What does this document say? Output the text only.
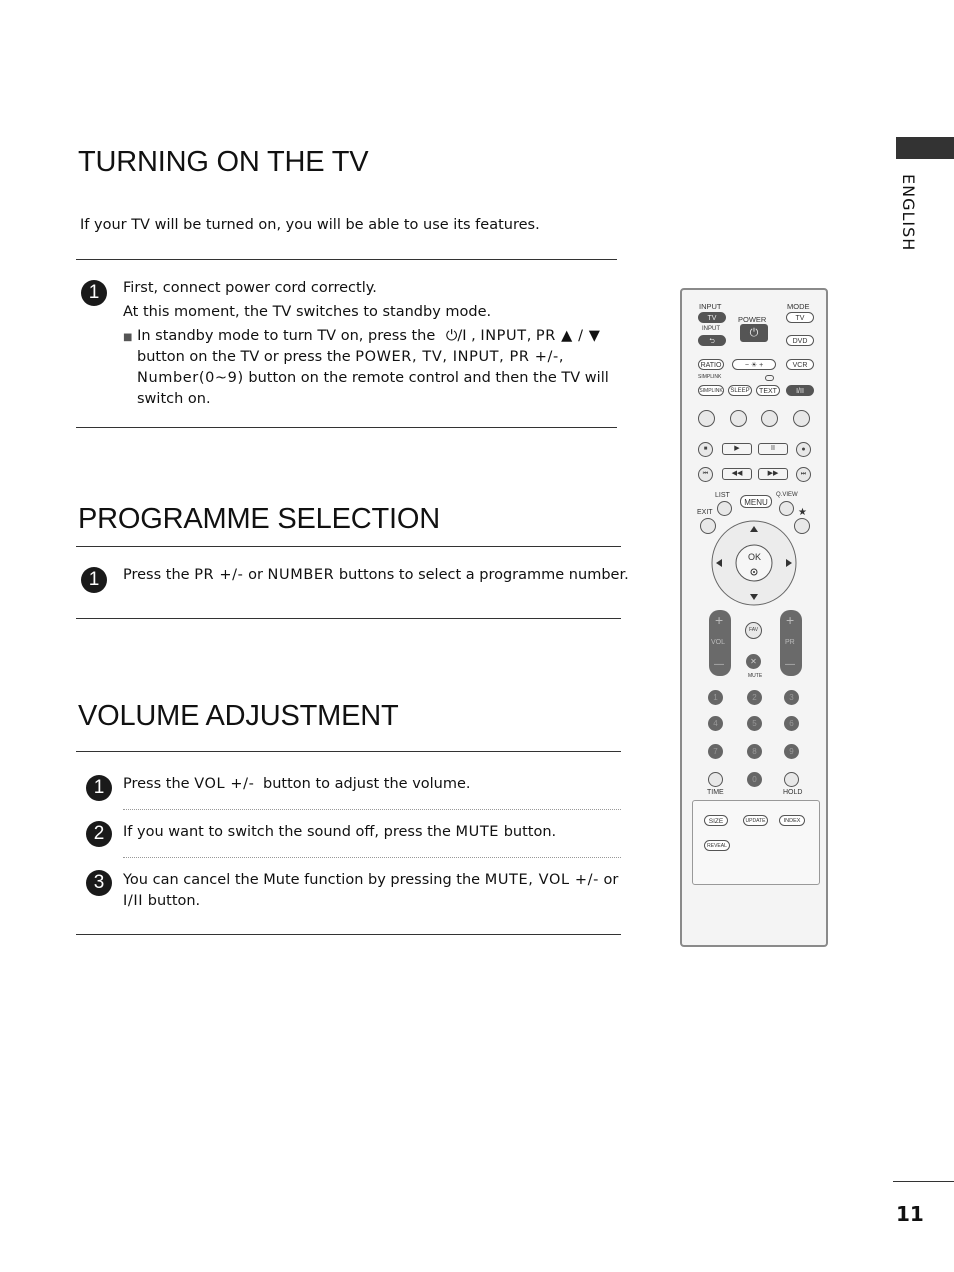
ENGLISH
TURNING ON THE TV
If your TV will be turned on, you will be able to use its features.
1	First, connect power cord correctly.
At this moment, the TV switches to standby mode.
■ In standby mode to turn TV on, press the ⏻/I , INPUT, PR ▲ / ▼
button on the TV or press the POWER, TV, INPUT, PR +/-,
Number(0~9) button on the remote control and then the TV will
switch on.
PROGRAMME SELECTION
1	Press the PR +/- or NUMBER buttons to select a programme number.
VOLUME ADJUSTMENT
1	Press the VOL +/- button to adjust the volume.
2	If you want to switch the sound off, press the MUTE button.
3	You can cancel the Mute function by pressing the MUTE, VOL +/- or
I/II button.
INPUT	MODE
TV	POWER	TV
INPUT
⮌
⏻
DVD
RATIO	− ☀ +	VCR
SIMPLINK
SIMPLINK	SLEEP	TEXT	I/II
■	▶	II	●
⏮	◀◀	▶▶	⏭
LIST
MENU
Q.VIEW
EXIT	★
OK
+	+
VOL	PR
—	—
FAV
✕
MUTE
1	2	3
4	5	6
7	8	9
0
TIME	HOLD
SIZE	UPDATE	INDEX
REVEAL
11
